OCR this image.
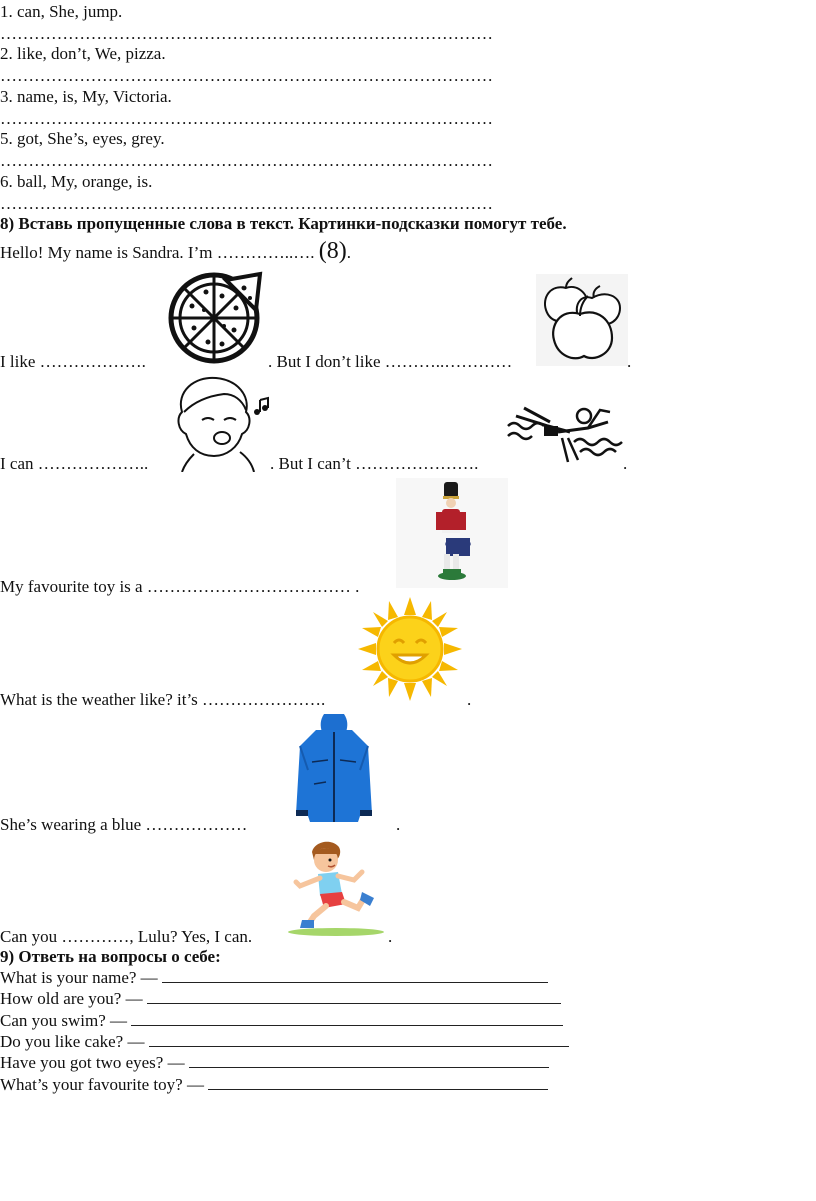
1. can, She, jump.
……………………………………………………………………………
2. like, don’t, We, pizza.
……………………………………………………………………………
3. name, is, My, Victoria.
……………………………………………………………………………
5. got, She’s, eyes, grey.
……………………………………………………………………………
6. ball, My, orange, is.
……………………………………………………………………………
8) Вставь пропущенные слова в текст. Картинки-подсказки помогут тебе.
Hello! My name is Sandra. I’m …………..…. (8).
I like ……………….	. But I don’t like ………..…………	.
I can ………………..	. But I can’t ………………….	.
My favourite toy is a ……………………………… .
What is the weather like? it’s ………………….	.
She’s wearing a blue ………………	.
Can you …………, Lulu? Yes, I can.	.
9) Ответь на вопросы о себе:
What is your name? —
How old are you? —
Can you swim? —
Do you like cake? —
Have you got two eyes? —
What’s your favourite toy? —
